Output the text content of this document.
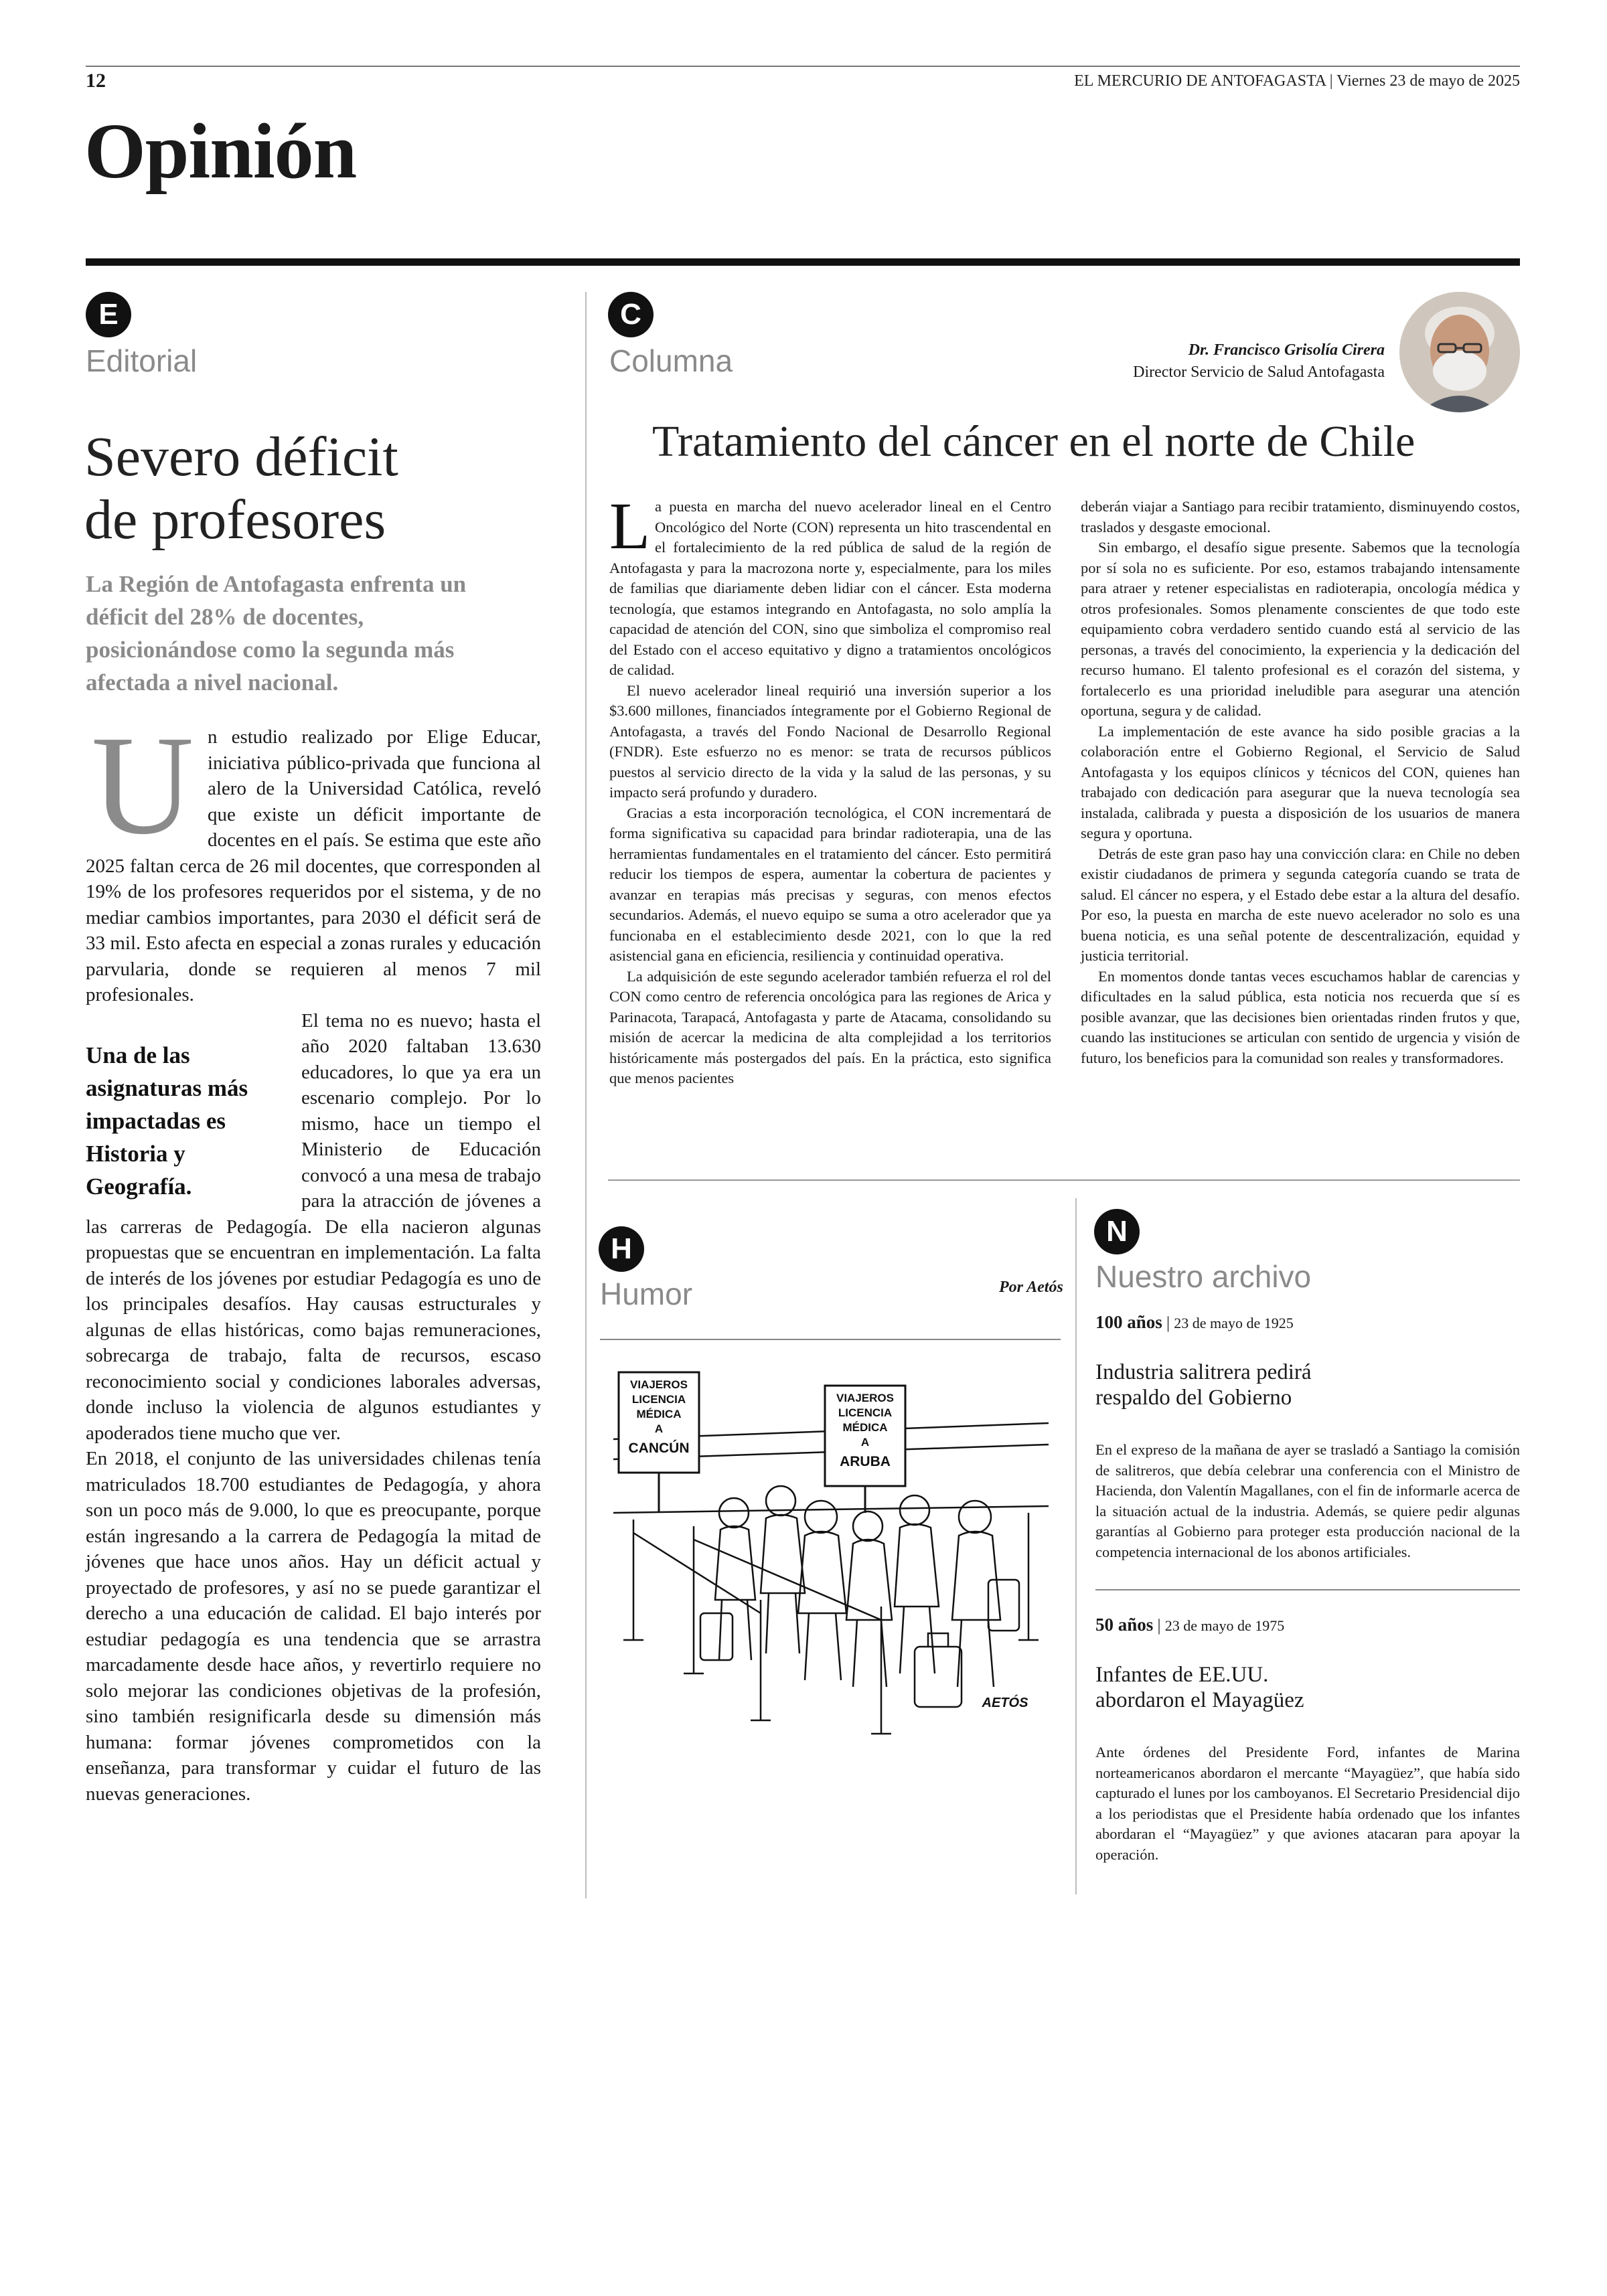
12	EL MERCURIO DE ANTOFAGASTA | Viernes 23 de mayo de 2025
Opinión
E
Editorial
Severo déficit
de profesores
La Región de Antofagasta enfrenta un déficit del 28% de docentes, posicionándose como la segunda más afectada a nivel nacional.
U n estudio realizado por Elige Educar, iniciativa público-privada que funciona al alero de la Universidad Católica, reveló que existe un déficit importante de docentes en el país. Se estima que este año 2025 faltan cerca de 26 mil docentes, que corresponden al 19% de los profesores requeridos por el sistema, y de no mediar cambios importantes, para 2030 el déficit será de 33 mil. Esto afecta en especial a zonas rurales y educación parvularia, donde se requieren al menos 7 mil profesionales.

Una de las asignaturas más impactadas es Historia y Geografía.

El tema no es nuevo; hasta el año 2020 faltaban 13.630 educadores, lo que ya era un escenario complejo. Por lo mismo, hace un tiempo el Ministerio de Educación convocó a una mesa de trabajo para la atracción de jóvenes a las carreras de Pedagogía. De ella nacieron algunas propuestas que se encuentran en implementación. La falta de interés de los jóvenes por estudiar Pedagogía es uno de los principales desafíos. Hay causas estructurales y algunas de ellas históricas, como bajas remuneraciones, sobrecarga de trabajo, falta de recursos, escaso reconocimiento social y condiciones laborales adversas, donde incluso la violencia de algunos estudiantes y apoderados tiene mucho que ver.

En 2018, el conjunto de las universidades chilenas tenía matriculados 18.700 estudiantes de Pedagogía, y ahora son un poco más de 9.000, lo que es preocupante, porque están ingresando a la carrera de Pedagogía la mitad de jóvenes que hace unos años. Hay un déficit actual y proyectado de profesores, y así no se puede garantizar el derecho a una educación de calidad. El bajo interés por estudiar pedagogía es una tendencia que se arrastra marcadamente desde hace años, y revertirlo requiere no solo mejorar las condiciones objetivas de la profesión, sino también resignificarla desde su dimensión más humana: formar jóvenes comprometidos con la enseñanza, para transformar y cuidar el futuro de las nuevas generaciones.

C
Columna	Dr. Francisco Grisolía Cirera
Director Servicio de Salud Antofagasta
Tratamiento del cáncer en el norte de Chile
L a puesta en marcha del nuevo acelerador lineal en el Centro Oncológico del Norte (CON) representa un hito trascendental en el fortalecimiento de la red pública de salud de la región de Antofagasta y para la macrozona norte y, especialmente, para los miles de familias que diariamente deben lidiar con el cáncer. Esta moderna tecnología, que estamos integrando en Antofagasta, no solo amplía la capacidad de atención del CON, sino que simboliza el compromiso real del Estado con el acceso equitativo y digno a tratamientos oncológicos de calidad.

El nuevo acelerador lineal requirió una inversión superior a los $3.600 millones, financiados íntegramente por el Gobierno Regional de Antofagasta, a través del Fondo Nacional de Desarrollo Regional (FNDR). Este esfuerzo no es menor: se trata de recursos públicos puestos al servicio directo de la vida y la salud de las personas, y su impacto será profundo y duradero.

Gracias a esta incorporación tecnológica, el CON incrementará de forma significativa su capacidad para brindar radioterapia, una de las herramientas fundamentales en el tratamiento del cáncer. Esto permitirá reducir los tiempos de espera, aumentar la cobertura de pacientes y avanzar en terapias más precisas y seguras, con menos efectos secundarios. Además, el nuevo equipo se suma a otro acelerador que ya funcionaba en el establecimiento desde 2021, con lo que la red asistencial gana en eficiencia, resiliencia y continuidad operativa.

La adquisición de este segundo acelerador también refuerza el rol del CON como centro de referencia oncológica para las regiones de Arica y Parinacota, Tarapacá, Antofagasta y parte de Atacama, consolidando su misión de acercar la medicina de alta complejidad a los territorios históricamente más postergados del país. En la práctica, esto significa que menos pacientes

deberán viajar a Santiago para recibir tratamiento, disminuyendo costos, traslados y desgaste emocional.

Sin embargo, el desafío sigue presente. Sabemos que la tecnología por sí sola no es suficiente. Por eso, estamos trabajando intensamente para atraer y retener especialistas en radioterapia, oncología médica y otros profesionales. Somos plenamente conscientes de que todo este equipamiento cobra verdadero sentido cuando está al servicio de las personas, a través del conocimiento, la experiencia y la dedicación del recurso humano. El talento profesional es el corazón del sistema, y fortalecerlo es una prioridad ineludible para asegurar una atención oportuna, segura y de calidad.

La implementación de este avance ha sido posible gracias a la colaboración entre el Gobierno Regional, el Servicio de Salud Antofagasta y los equipos clínicos y técnicos del CON, quienes han trabajado con dedicación para asegurar que la nueva tecnología sea instalada, calibrada y puesta a disposición de los usuarios de manera segura y oportuna.

Detrás de este gran paso hay una convicción clara: en Chile no deben existir ciudadanos de primera y segunda categoría cuando se trata de salud. El cáncer no espera, y el Estado debe estar a la altura del desafío. Por eso, la puesta en marcha de este nuevo acelerador no solo es una buena noticia, es una señal potente de descentralización, equidad y justicia territorial.

En momentos donde tantas veces escuchamos hablar de carencias y dificultades en la salud pública, esta noticia nos recuerda que sí es posible avanzar, que las decisiones bien orientadas rinden frutos y que, cuando las instituciones se articulan con sentido de urgencia y visión de futuro, los beneficios para la comunidad son reales y transformadores.

H
Humor	Por Aetós
VIAJEROS
LICENCIA
MÉDICA
A
CANCÚN
VIAJEROS
LICENCIA
MÉDICA
A
ARUBA
AETÓS
N
Nuestro archivo
100 años | 23 de mayo de 1925
Industria salitrera pedirá
respaldo del Gobierno
En el expreso de la mañana de ayer se trasladó a Santiago la comisión de salitreros, que debía celebrar una conferencia con el Ministro de Hacienda, don Valentín Magallanes, con el fin de informarle acerca de la situación actual de la industria. Además, se quiere pedir algunas garantías al Gobierno para proteger esta producción nacional de la competencia internacional de los abonos artificiales.
50 años | 23 de mayo de 1975
Infantes de EE.UU.
abordaron el Mayagüez
Ante órdenes del Presidente Ford, infantes de Marina norteamericanos abordaron el mercante “Mayagüez”, que había sido capturado el lunes por los camboyanos. El Secretario Presidencial dijo a los periodistas que el Presidente había ordenado que los infantes abordaran el “Mayagüez” y que aviones atacaran para apoyar la operación.
